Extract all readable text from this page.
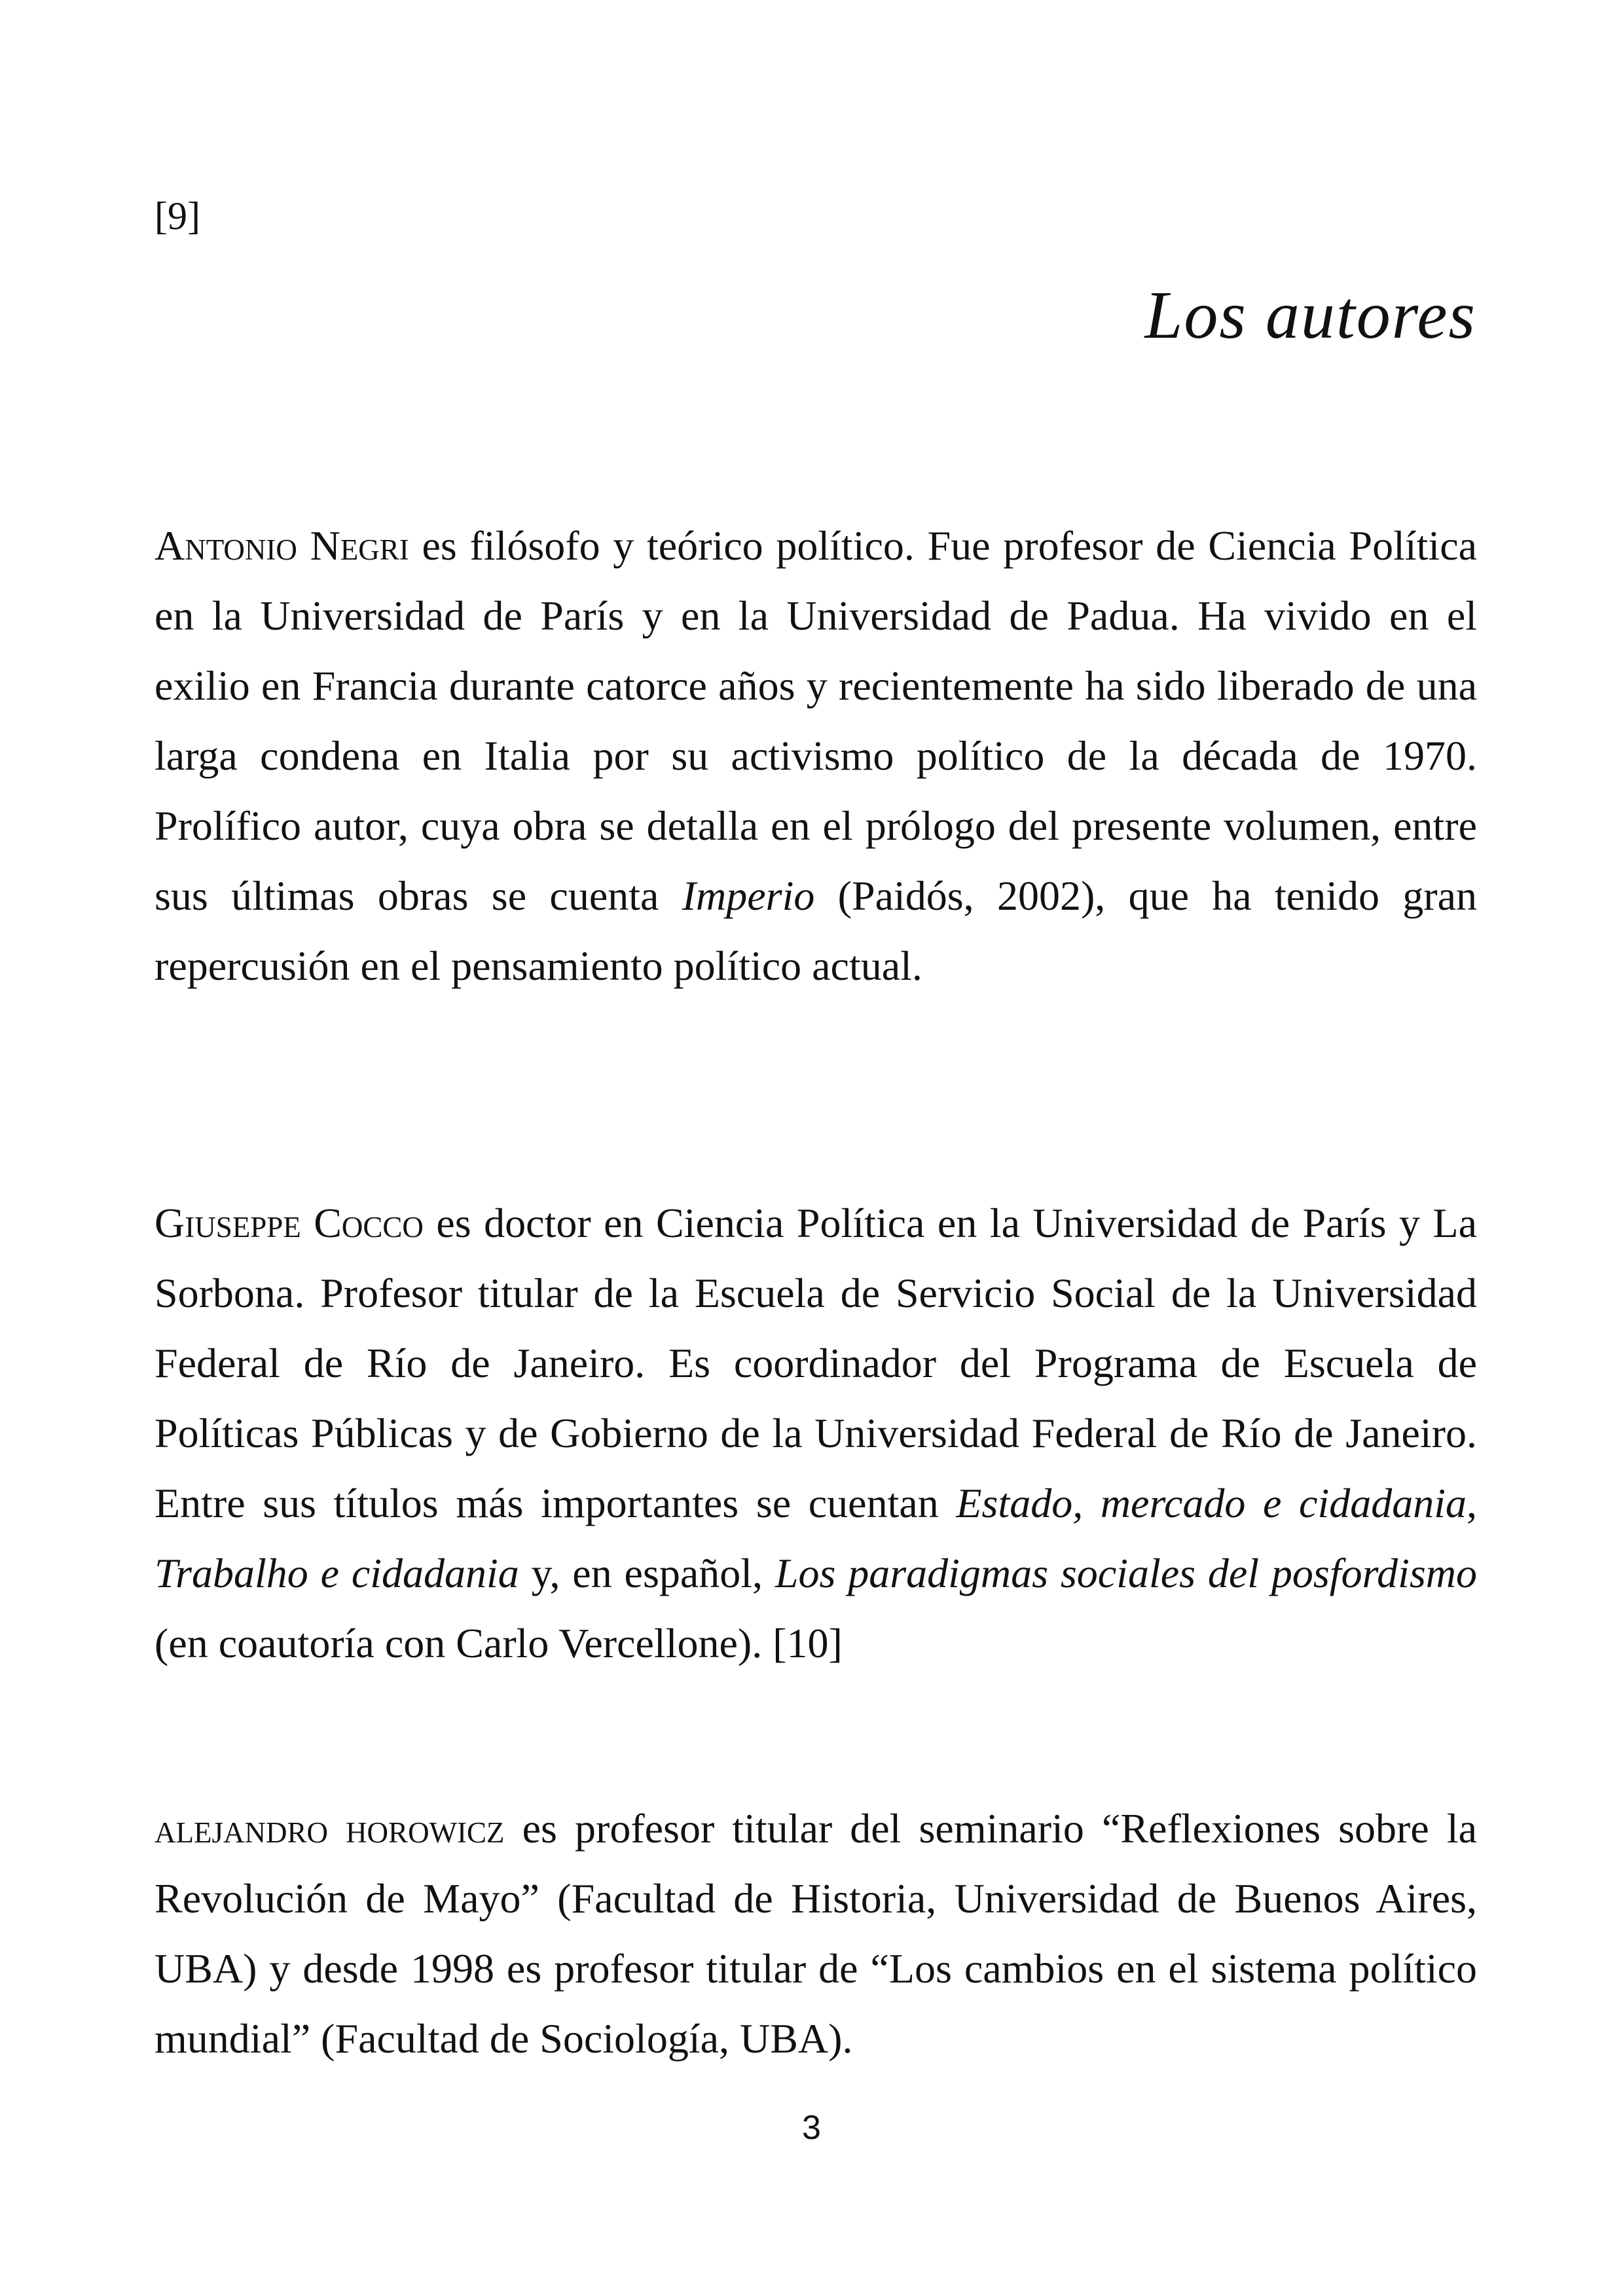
[9]
Los autores

Antonio Negri es filósofo y teórico político. Fue profesor de Ciencia Política en la Universidad de París y en la Universidad de Padua. Ha vivido en el exilio en Francia durante catorce años y recientemente ha sido liberado de una larga condena en Italia por su activismo político de la década de 1970. Prolífico autor, cuya obra se detalla en el prólogo del presente volumen, entre sus últimas obras se cuenta Imperio (Paidós, 2002), que ha tenido gran repercusión en el pensamiento político actual.

Giuseppe Cocco es doctor en Ciencia Política en la Universidad de París y La Sorbona. Profesor titular de la Escuela de Servicio Social de la Universidad Federal de Río de Janeiro. Es coordinador del Programa de Escuela de Políticas Públicas y de Gobierno de la Universidad Federal de Río de Janeiro. Entre sus títulos más importantes se cuentan Estado, mercado e cidadania, Trabalho e cidadania y, en español, Los paradigmas sociales del posfordismo (en coautoría con Carlo Vercellone). [10]

alejandro horowicz es profesor titular del seminario “Reflexiones sobre la Revolución de Mayo” (Facultad de Historia, Universidad de Buenos Aires, UBA) y desde 1998 es profesor titular de “Los cambios en el sistema político mundial” (Facultad de Sociología, UBA).

3
